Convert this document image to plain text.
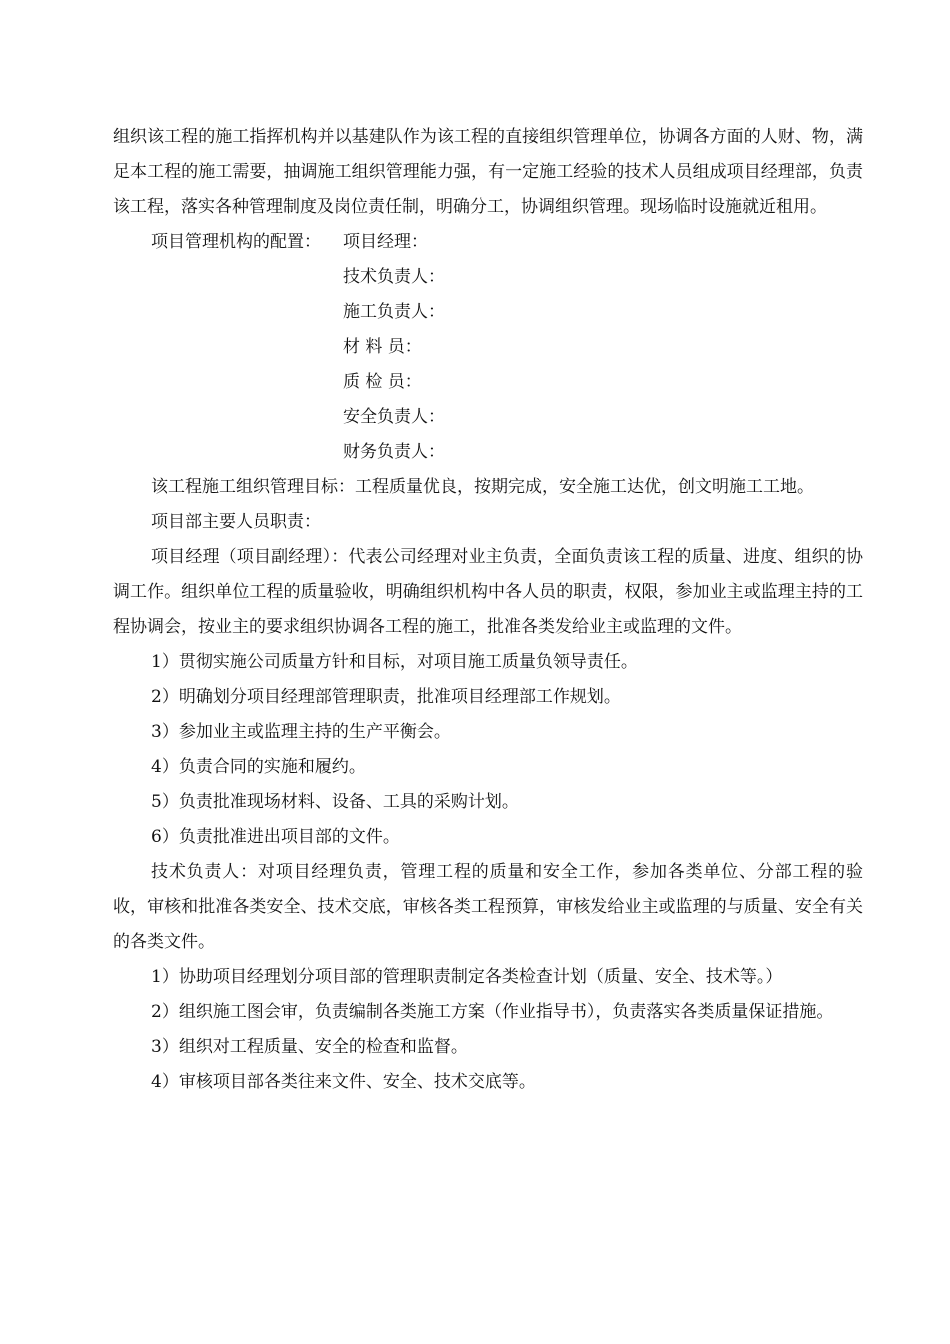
组织该工程的施工指挥机构并以基建队作为该工程的直接组织管理单位，协调各方面的人财、物，满足本工程的施工需要，抽调施工组织管理能力强，有一定施工经验的技术人员组成项目经理部，负责该工程，落实各种管理制度及岗位责任制，明确分工，协调组织管理。现场临时设施就近租用。

项目管理机构的配置： 项目经理：
技术负责人：
施工负责人：
材 料 员：
质 检 员：
安全负责人：
财务负责人：

该工程施工组织管理目标：工程质量优良，按期完成，安全施工达优，创文明施工工地。

项目部主要人员职责：

项目经理（项目副经理）：代表公司经理对业主负责，全面负责该工程的质量、进度、组织的协调工作。组织单位工程的质量验收，明确组织机构中各人员的职责，权限，参加业主或监理主持的工程协调会，按业主的要求组织协调各工程的施工，批准各类发给业主或监理的文件。

1）贯彻实施公司质量方针和目标，对项目施工质量负领导责任。

2）明确划分项目经理部管理职责，批准项目经理部工作规划。

3）参加业主或监理主持的生产平衡会。

4）负责合同的实施和履约。

5）负责批准现场材料、设备、工具的采购计划。

6）负责批准进出项目部的文件。

技术负责人：对项目经理负责，管理工程的质量和安全工作，参加各类单位、分部工程的验收，审核和批准各类安全、技术交底，审核各类工程预算，审核发给业主或监理的与质量、安全有关的各类文件。

1）协助项目经理划分项目部的管理职责制定各类检查计划（质量、安全、技术等。）

2）组织施工图会审，负责编制各类施工方案（作业指导书），负责落实各类质量保证措施。

3）组织对工程质量、安全的检查和监督。

4）审核项目部各类往来文件、安全、技术交底等。
